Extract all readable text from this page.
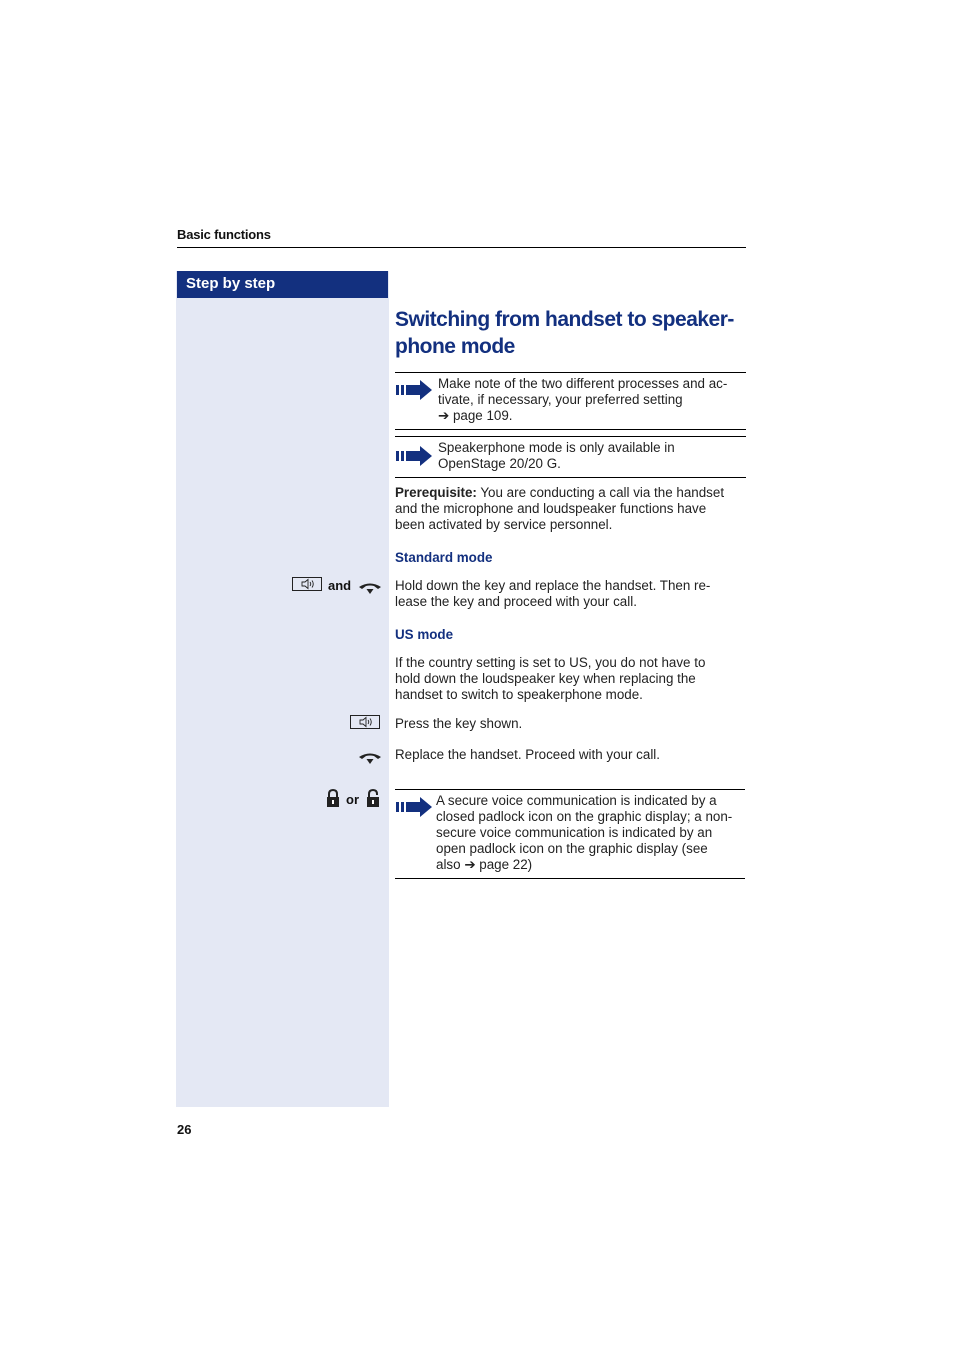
Basic functions
Step by step
Switching from handset to speaker-
phone mode
Make note of the two different processes and ac-
tivate, if necessary, your preferred setting
➔ page 109.
Speakerphone mode is only available in
OpenStage 20/20 G.
Prerequisite: You are conducting a call via the handset
and the microphone and loudspeaker functions have
been activated by service personnel.
Standard mode
and	Hold down the key and replace the handset. Then re-
lease the key and proceed with your call.
US mode
If the country setting is set to US, you do not have to
hold down the loudspeaker key when replacing the
handset to switch to speakerphone mode.
Press the key shown.
Replace the handset. Proceed with your call.
or	A secure voice communication is indicated by a
closed padlock icon on the graphic display; a non-
secure voice communication is indicated by an
open padlock icon on the graphic display (see
also ➔ page 22)
26
